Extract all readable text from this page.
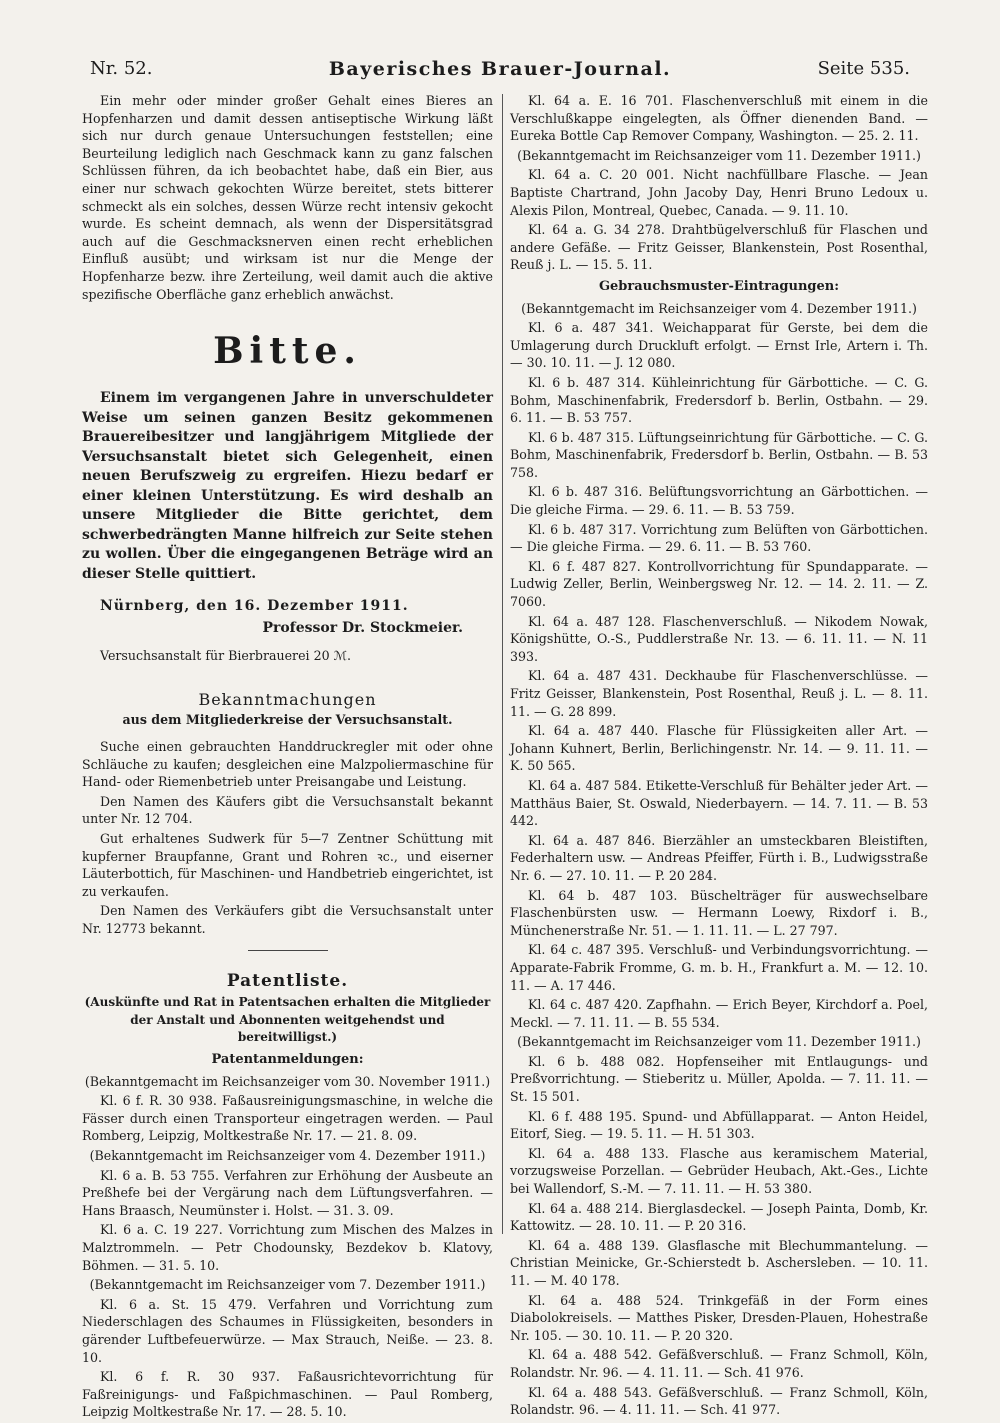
Nr. 52.	Bayerisches Brauer-Journal.	Seite 535.

Ein mehr oder minder großer Gehalt eines Bieres an Hopfenharzen und damit dessen antiseptische Wirkung läßt sich nur durch genaue Untersuchungen feststellen; eine Beurteilung lediglich nach Geschmack kann zu ganz falschen Schlüssen führen, da ich beobachtet habe, daß ein Bier, aus einer nur schwach gekochten Würze bereitet, stets bitterer schmeckt als ein solches, dessen Würze recht intensiv gekocht wurde. Es scheint demnach, als wenn der Dispersitätsgrad auch auf die Geschmacksnerven einen recht erheblichen Einfluß ausübt; und wirksam ist nur die Menge der Hopfenharze bezw. ihre Zerteilung, weil damit auch die aktive spezifische Oberfläche ganz erheblich anwächst.

Bitte.

Einem im vergangenen Jahre in unverschuldeter Weise um seinen ganzen Besitz gekommenen Brauereibesitzer und langjährigem Mitgliede der Versuchsanstalt bietet sich Gelegenheit, einen neuen Berufszweig zu ergreifen. Hiezu bedarf er einer kleinen Unterstützung. Es wird deshalb an unsere Mitglieder die Bitte gerichtet, dem schwerbedrängten Manne hilfreich zur Seite stehen zu wollen. Über die eingegangenen Beträge wird an dieser Stelle quittiert.

Nürnberg, den 16. Dezember 1911.

Professor Dr. Stockmeier.

Versuchsanstalt für Bierbrauerei 20 ℳ.

Bekanntmachungen
aus dem Mitgliederkreise der Versuchsanstalt.

Suche einen gebrauchten Handdruckregler mit oder ohne Schläuche zu kaufen; desgleichen eine Malzpoliermaschine für Hand- oder Riemenbetrieb unter Preisangabe und Leistung.

Den Namen des Käufers gibt die Versuchsanstalt bekannt unter Nr. 12 704.

Gut erhaltenes Sudwerk für 5—7 Zentner Schüttung mit kupferner Braupfanne, Grant und Rohren ꝛc., und eiserner Läuterbottich, für Maschinen- und Handbetrieb eingerichtet, ist zu verkaufen.

Den Namen des Verkäufers gibt die Versuchsanstalt unter Nr. 12773 bekannt.

Patentliste.
(Auskünfte und Rat in Patentsachen erhalten die Mitglieder der Anstalt und Abonnenten weitgehendst und bereitwilligst.)
Patentanmeldungen:
(Bekanntgemacht im Reichsanzeiger vom 30. November 1911.)

Kl. 6 f. R. 30 938. Faßausreinigungsmaschine, in welche die Fässer durch einen Transporteur eingetragen werden. — Paul Romberg, Leipzig, Moltkestraße Nr. 17. — 21. 8. 09.

(Bekanntgemacht im Reichsanzeiger vom 4. Dezember 1911.)

Kl. 6 a. B. 53 755. Verfahren zur Erhöhung der Ausbeute an Preßhefe bei der Vergärung nach dem Lüftungsverfahren. — Hans Braasch, Neumünster i. Holst. — 31. 3. 09.

Kl. 6 a. C. 19 227. Vorrichtung zum Mischen des Malzes in Malztrommeln. — Petr Chodounsky, Bezdekov b. Klatovy, Böhmen. — 31. 5. 10.

(Bekanntgemacht im Reichsanzeiger vom 7. Dezember 1911.)

Kl. 6 a. St. 15 479. Verfahren und Vorrichtung zum Niederschlagen des Schaumes in Flüssigkeiten, besonders in gärender Luftbefeuerwürze. — Max Strauch, Neiße. — 23. 8. 10.

Kl. 6 f. R. 30 937. Faßausrichtevorrichtung für Faßreinigungs- und Faßpichmaschinen. — Paul Romberg, Leipzig Moltkestraße Nr. 17. — 28. 5. 10.

Kl. 64 a. E. 16 701. Flaschenverschluß mit einem in die Verschlußkappe eingelegten, als Öffner dienenden Band. — Eureka Bottle Cap Remover Company, Washington. — 25. 2. 11.

(Bekanntgemacht im Reichsanzeiger vom 11. Dezember 1911.)

Kl. 64 a. C. 20 001. Nicht nachfüllbare Flasche. — Jean Baptiste Chartrand, John Jacoby Day, Henri Bruno Ledoux u. Alexis Pilon, Montreal, Quebec, Canada. — 9. 11. 10.

Kl. 64 a. G. 34 278. Drahtbügelverschluß für Flaschen und andere Gefäße. — Fritz Geisser, Blankenstein, Post Rosenthal, Reuß j. L. — 15. 5. 11.

Gebrauchsmuster-Eintragungen:
(Bekanntgemacht im Reichsanzeiger vom 4. Dezember 1911.)

Kl. 6 a. 487 341. Weichapparat für Gerste, bei dem die Umlagerung durch Druckluft erfolgt. — Ernst Irle, Artern i. Th. — 30. 10. 11. — J. 12 080.

Kl. 6 b. 487 314. Kühleinrichtung für Gärbottiche. — C. G. Bohm, Maschinenfabrik, Fredersdorf b. Berlin, Ostbahn. — 29. 6. 11. — B. 53 757.

Kl. 6 b. 487 315. Lüftungseinrichtung für Gärbottiche. — C. G. Bohm, Maschinenfabrik, Fredersdorf b. Berlin, Ostbahn. — B. 53 758.

Kl. 6 b. 487 316. Belüftungsvorrichtung an Gärbottichen. — Die gleiche Firma. — 29. 6. 11. — B. 53 759.

Kl. 6 b. 487 317. Vorrichtung zum Belüften von Gärbottichen. — Die gleiche Firma. — 29. 6. 11. — B. 53 760.

Kl. 6 f. 487 827. Kontrollvorrichtung für Spundapparate. — Ludwig Zeller, Berlin, Weinbergsweg Nr. 12. — 14. 2. 11. — Z. 7060.

Kl. 64 a. 487 128. Flaschenverschluß. — Nikodem Nowak, Königshütte, O.-S., Puddlerstraße Nr. 13. — 6. 11. 11. — N. 11 393.

Kl. 64 a. 487 431. Deckhaube für Flaschenverschlüsse. — Fritz Geisser, Blankenstein, Post Rosenthal, Reuß j. L. — 8. 11. 11. — G. 28 899.

Kl. 64 a. 487 440. Flasche für Flüssigkeiten aller Art. — Johann Kuhnert, Berlin, Berlichingenstr. Nr. 14. — 9. 11. 11. — K. 50 565.

Kl. 64 a. 487 584. Etikette-Verschluß für Behälter jeder Art. — Matthäus Baier, St. Oswald, Niederbayern. — 14. 7. 11. — B. 53 442.

Kl. 64 a. 487 846. Bierzähler an umsteckbaren Bleistiften, Federhaltern usw. — Andreas Pfeiffer, Fürth i. B., Ludwigsstraße Nr. 6. — 27. 10. 11. — P. 20 284.

Kl. 64 b. 487 103. Büschelträger für auswechselbare Flaschenbürsten usw. — Hermann Loewy, Rixdorf i. B., Münchenerstraße Nr. 51. — 1. 11. 11. — L. 27 797.

Kl. 64 c. 487 395. Verschluß- und Verbindungsvorrichtung. — Apparate-Fabrik Fromme, G. m. b. H., Frankfurt a. M. — 12. 10. 11. — A. 17 446.

Kl. 64 c. 487 420. Zapfhahn. — Erich Beyer, Kirchdorf a. Poel, Meckl. — 7. 11. 11. — B. 55 534.

(Bekanntgemacht im Reichsanzeiger vom 11. Dezember 1911.)

Kl. 6 b. 488 082. Hopfenseiher mit Entlaugungs- und Preßvorrichtung. — Stieberitz u. Müller, Apolda. — 7. 11. 11. — St. 15 501.

Kl. 6 f. 488 195. Spund- und Abfüllapparat. — Anton Heidel, Eitorf, Sieg. — 19. 5. 11. — H. 51 303.

Kl. 64 a. 488 133. Flasche aus keramischem Material, vorzugsweise Porzellan. — Gebrüder Heubach, Akt.-Ges., Lichte bei Wallendorf, S.-M. — 7. 11. 11. — H. 53 380.

Kl. 64 a. 488 214. Bierglasdeckel. — Joseph Painta, Domb, Kr. Kattowitz. — 28. 10. 11. — P. 20 316.

Kl. 64 a. 488 139. Glasflasche mit Blechummantelung. — Christian Meinicke, Gr.-Schierstedt b. Aschersleben. — 10. 11. 11. — M. 40 178.

Kl. 64 a. 488 524. Trinkgefäß in der Form eines Diabolokreisels. — Matthes Pisker, Dresden-Plauen, Hohestraße Nr. 105. — 30. 10. 11. — P. 20 320.

Kl. 64 a. 488 542. Gefäßverschluß. — Franz Schmoll, Köln, Rolandstr. Nr. 96. — 4. 11. 11. — Sch. 41 976.

Kl. 64 a. 488 543. Gefäßverschluß. — Franz Schmoll, Köln, Rolandstr. 96. — 4. 11. 11. — Sch. 41 977.
